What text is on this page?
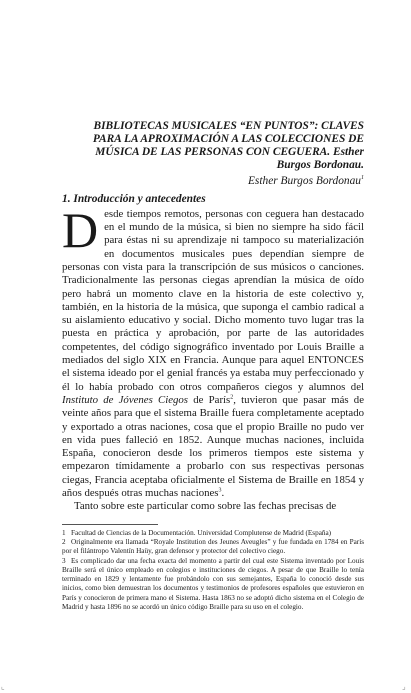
BIBLIOTECAS MUSICALES “EN PUNTOS”: CLAVES PARA LA APROXIMACIÓN A LAS COLECCIONES DE MÚSICA DE LAS PERSONAS CON CEGUERA. Esther Burgos Bordonau.

Esther Burgos Bordonau$^1$

1. Introducción y antecedentes

Desde tiempos remotos, personas con ceguera han destacado en el mundo de la música, si bien no siempre ha sido fácil para éstas ni su aprendizaje ni tampoco su materialización en documentos musicales pues dependían siempre de personas con vista para la transcripción de sus músicos o canciones. Tradicionalmente las personas ciegas aprendían la música de oído pero habrá un momento clave en la historia de este colectivo y, también, en la historia de la música, que suponga el cambio radical a su aislamiento educativo y social. Dicho momento tuvo lugar tras la puesta en práctica y aprobación, por parte de las autoridades competentes, del código signográfico inventado por Louis Braille a mediados del siglo XIX en Francia. Aunque para aquel ENTONCES el sistema ideado por el genial francés ya estaba muy perfeccionado y él lo había probado con otros compañeros ciegos y alumnos del Instituto de Jóvenes Ciegos de París$^2$, tuvieron que pasar más de veinte años para que el sistema Braille fuera completamente aceptado y exportado a otras naciones, cosa que el propio Braille no pudo ver en vida pues falleció en 1852. Aunque muchas naciones, incluida España, conocieron desde los primeros tiempos este sistema y empezaron tímidamente a probarlo con sus respectivas personas ciegas, Francia aceptaba oficialmente el Sistema de Braille en 1854 y años después otras muchas naciones$^3$.

Tanto sobre este particular como sobre las fechas precisas de

1 Facultad de Ciencias de la Documentación. Universidad Complutense de Madrid (España)

2 Originalmente era llamada “Royale Institution des Jeunes Aveugles” y fue fundada en 1784 en París por el filántropo Valentín Haüy, gran defensor y protector del colectivo ciego.

3 Es complicado dar una fecha exacta del momento a partir del cual este Sistema inventado por Louis Braille será el único empleado en colegios e instituciones de ciegos. A pesar de que Braille lo tenía terminado en 1829 y lentamente fue probándolo con sus semejantes, España lo conoció desde sus inicios, como bien demuestran los documentos y testimonios de profesores españoles que estuvieron en París y conocieron de primera mano el Sistema. Hasta 1863 no se adoptó dicho sistema en el Colegio de Madrid y hasta 1896 no se acordó un único código Braille para su uso en el colegio.

⌞	⌟
